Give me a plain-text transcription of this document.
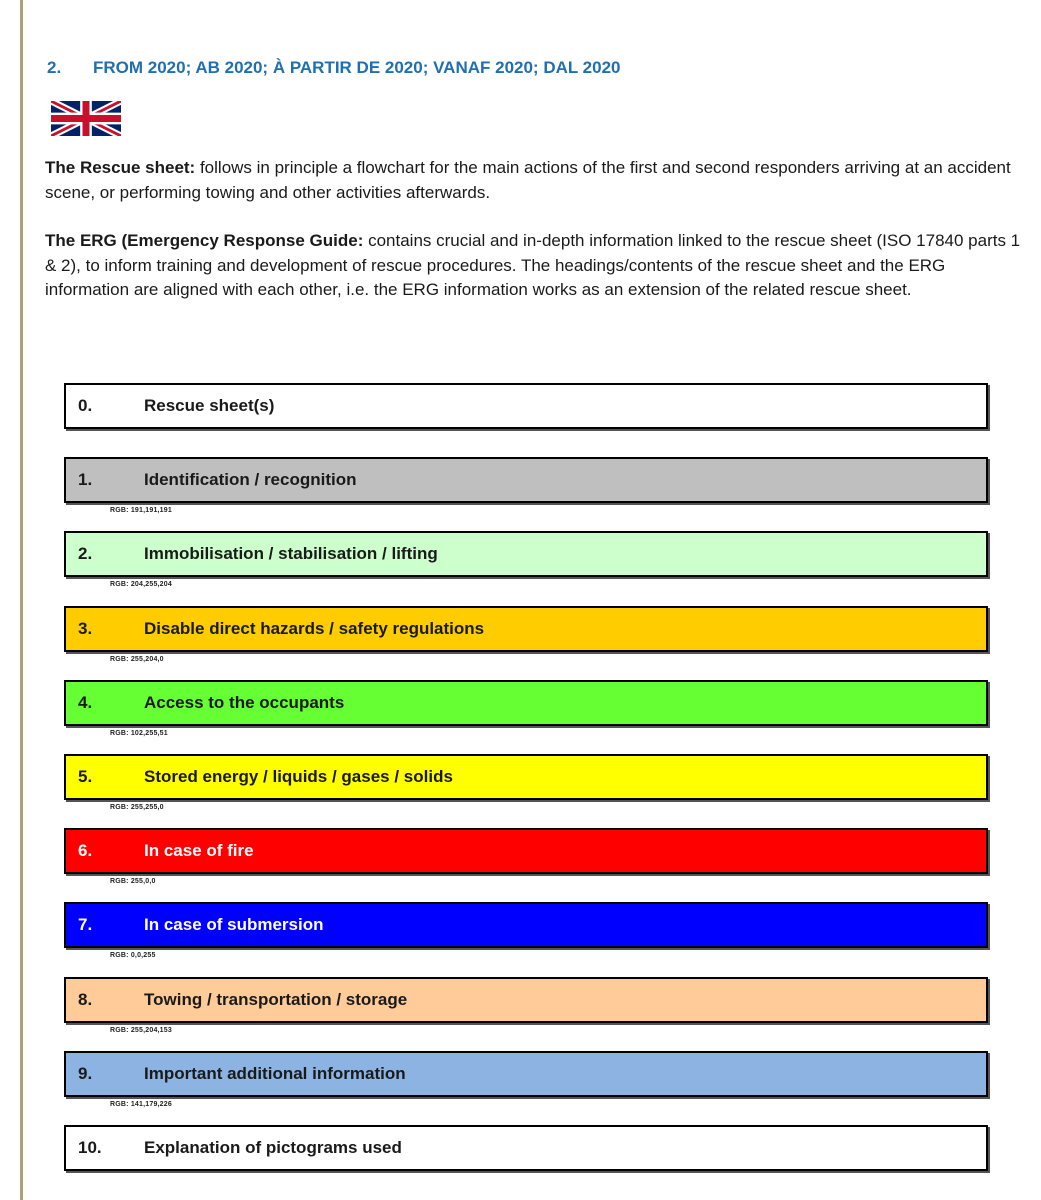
2. FROM 2020; AB 2020; À PARTIR DE 2020; VANAF 2020; DAL 2020

The Rescue sheet: follows in principle a flowchart for the main actions of the first and second responders arriving at an accident scene, or performing towing and other activities afterwards.

The ERG (Emergency Response Guide: contains crucial and in-depth information linked to the rescue sheet (ISO 17840 parts 1 & 2), to inform training and development of rescue procedures. The headings/contents of the rescue sheet and the ERG information are aligned with each other, i.e. the ERG information works as an extension of the related rescue sheet.

0.	Rescue sheet(s)
1.	Identification / recognition
RGB: 191,191,191
2.	Immobilisation / stabilisation / lifting
RGB: 204,255,204
3.	Disable direct hazards / safety regulations
RGB: 255,204,0
4.	Access to the occupants
RGB: 102,255,51
5.	Stored energy / liquids / gases / solids
RGB: 255,255,0
6.	In case of fire
RGB: 255,0,0
7.	In case of submersion
RGB: 0,0,255
8.	Towing / transportation / storage
RGB: 255,204,153
9.	Important additional information
RGB: 141,179,226
10.	Explanation of pictograms used
